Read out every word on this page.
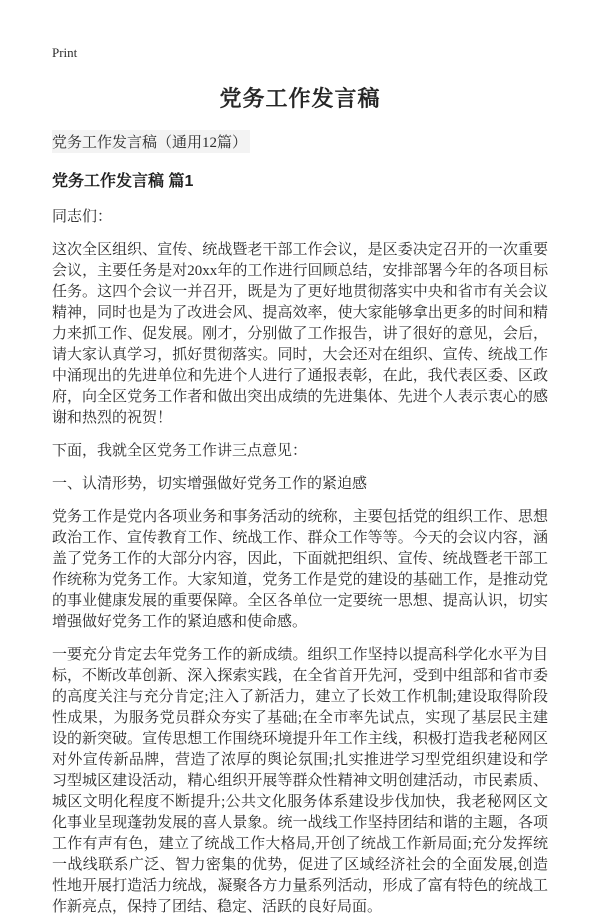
Print
党务工作发言稿
党务工作发言稿（通用12篇）
党务工作发言稿 篇1

同志们：

这次全区组织、宣传、统战暨老干部工作会议，是区委决定召开的一次重要会议，主要任务是对20xx年的工作进行回顾总结，安排部署今年的各项目标任务。这四个会议一并召开，既是为了更好地贯彻落实中央和省市有关会议精神，同时也是为了改进会风、提高效率，使大家能够拿出更多的时间和精力来抓工作、促发展。刚才，分别做了工作报告，讲了很好的意见，会后，请大家认真学习，抓好贯彻落实。同时，大会还对在组织、宣传、统战工作中涌现出的先进单位和先进个人进行了通报表彰，在此，我代表区委、区政府，向全区党务工作者和做出突出成绩的先进集体、先进个人表示衷心的感谢和热烈的祝贺！

下面，我就全区党务工作讲三点意见：

一、认清形势，切实增强做好党务工作的紧迫感

党务工作是党内各项业务和事务活动的统称，主要包括党的组织工作、思想政治工作、宣传教育工作、统战工作、群众工作等等。今天的会议内容，涵盖了党务工作的大部分内容，因此，下面就把组织、宣传、统战暨老干部工作统称为党务工作。大家知道，党务工作是党的建设的基础工作，是推动党的事业健康发展的重要保障。全区各单位一定要统一思想、提高认识，切实增强做好党务工作的紧迫感和使命感。

一要充分肯定去年党务工作的新成绩。组织工作坚持以提高科学化水平为目标，不断改革创新、深入探索实践，在全省首开先河，受到中组部和省市委的高度关注与充分肯定;注入了新活力，建立了长效工作机制;建设取得阶段性成果，为服务党员群众夯实了基础;在全市率先试点，实现了基层民主建设的新突破。宣传思想工作围绕环境提升年工作主线，积极打造我老秘网区对外宣传新品牌，营造了浓厚的舆论氛围;扎实推进学习型党组织建设和学习型城区建设活动，精心组织开展等群众性精神文明创建活动，市民素质、城区文明化程度不断提升;公共文化服务体系建设步伐加快，我老秘网区文化事业呈现蓬勃发展的喜人景象。统一战线工作坚持团结和谐的主题，各项工作有声有色，建立了统战工作大格局,开创了统战工作新局面;充分发挥统一战线联系广泛、智力密集的优势，促进了区域经济社会的全面发展,创造性地开展打造活力统战，凝聚各方力量系列活动，形成了富有特色的统战工作新亮点，保持了团结、稳定、活跃的良好局面。
